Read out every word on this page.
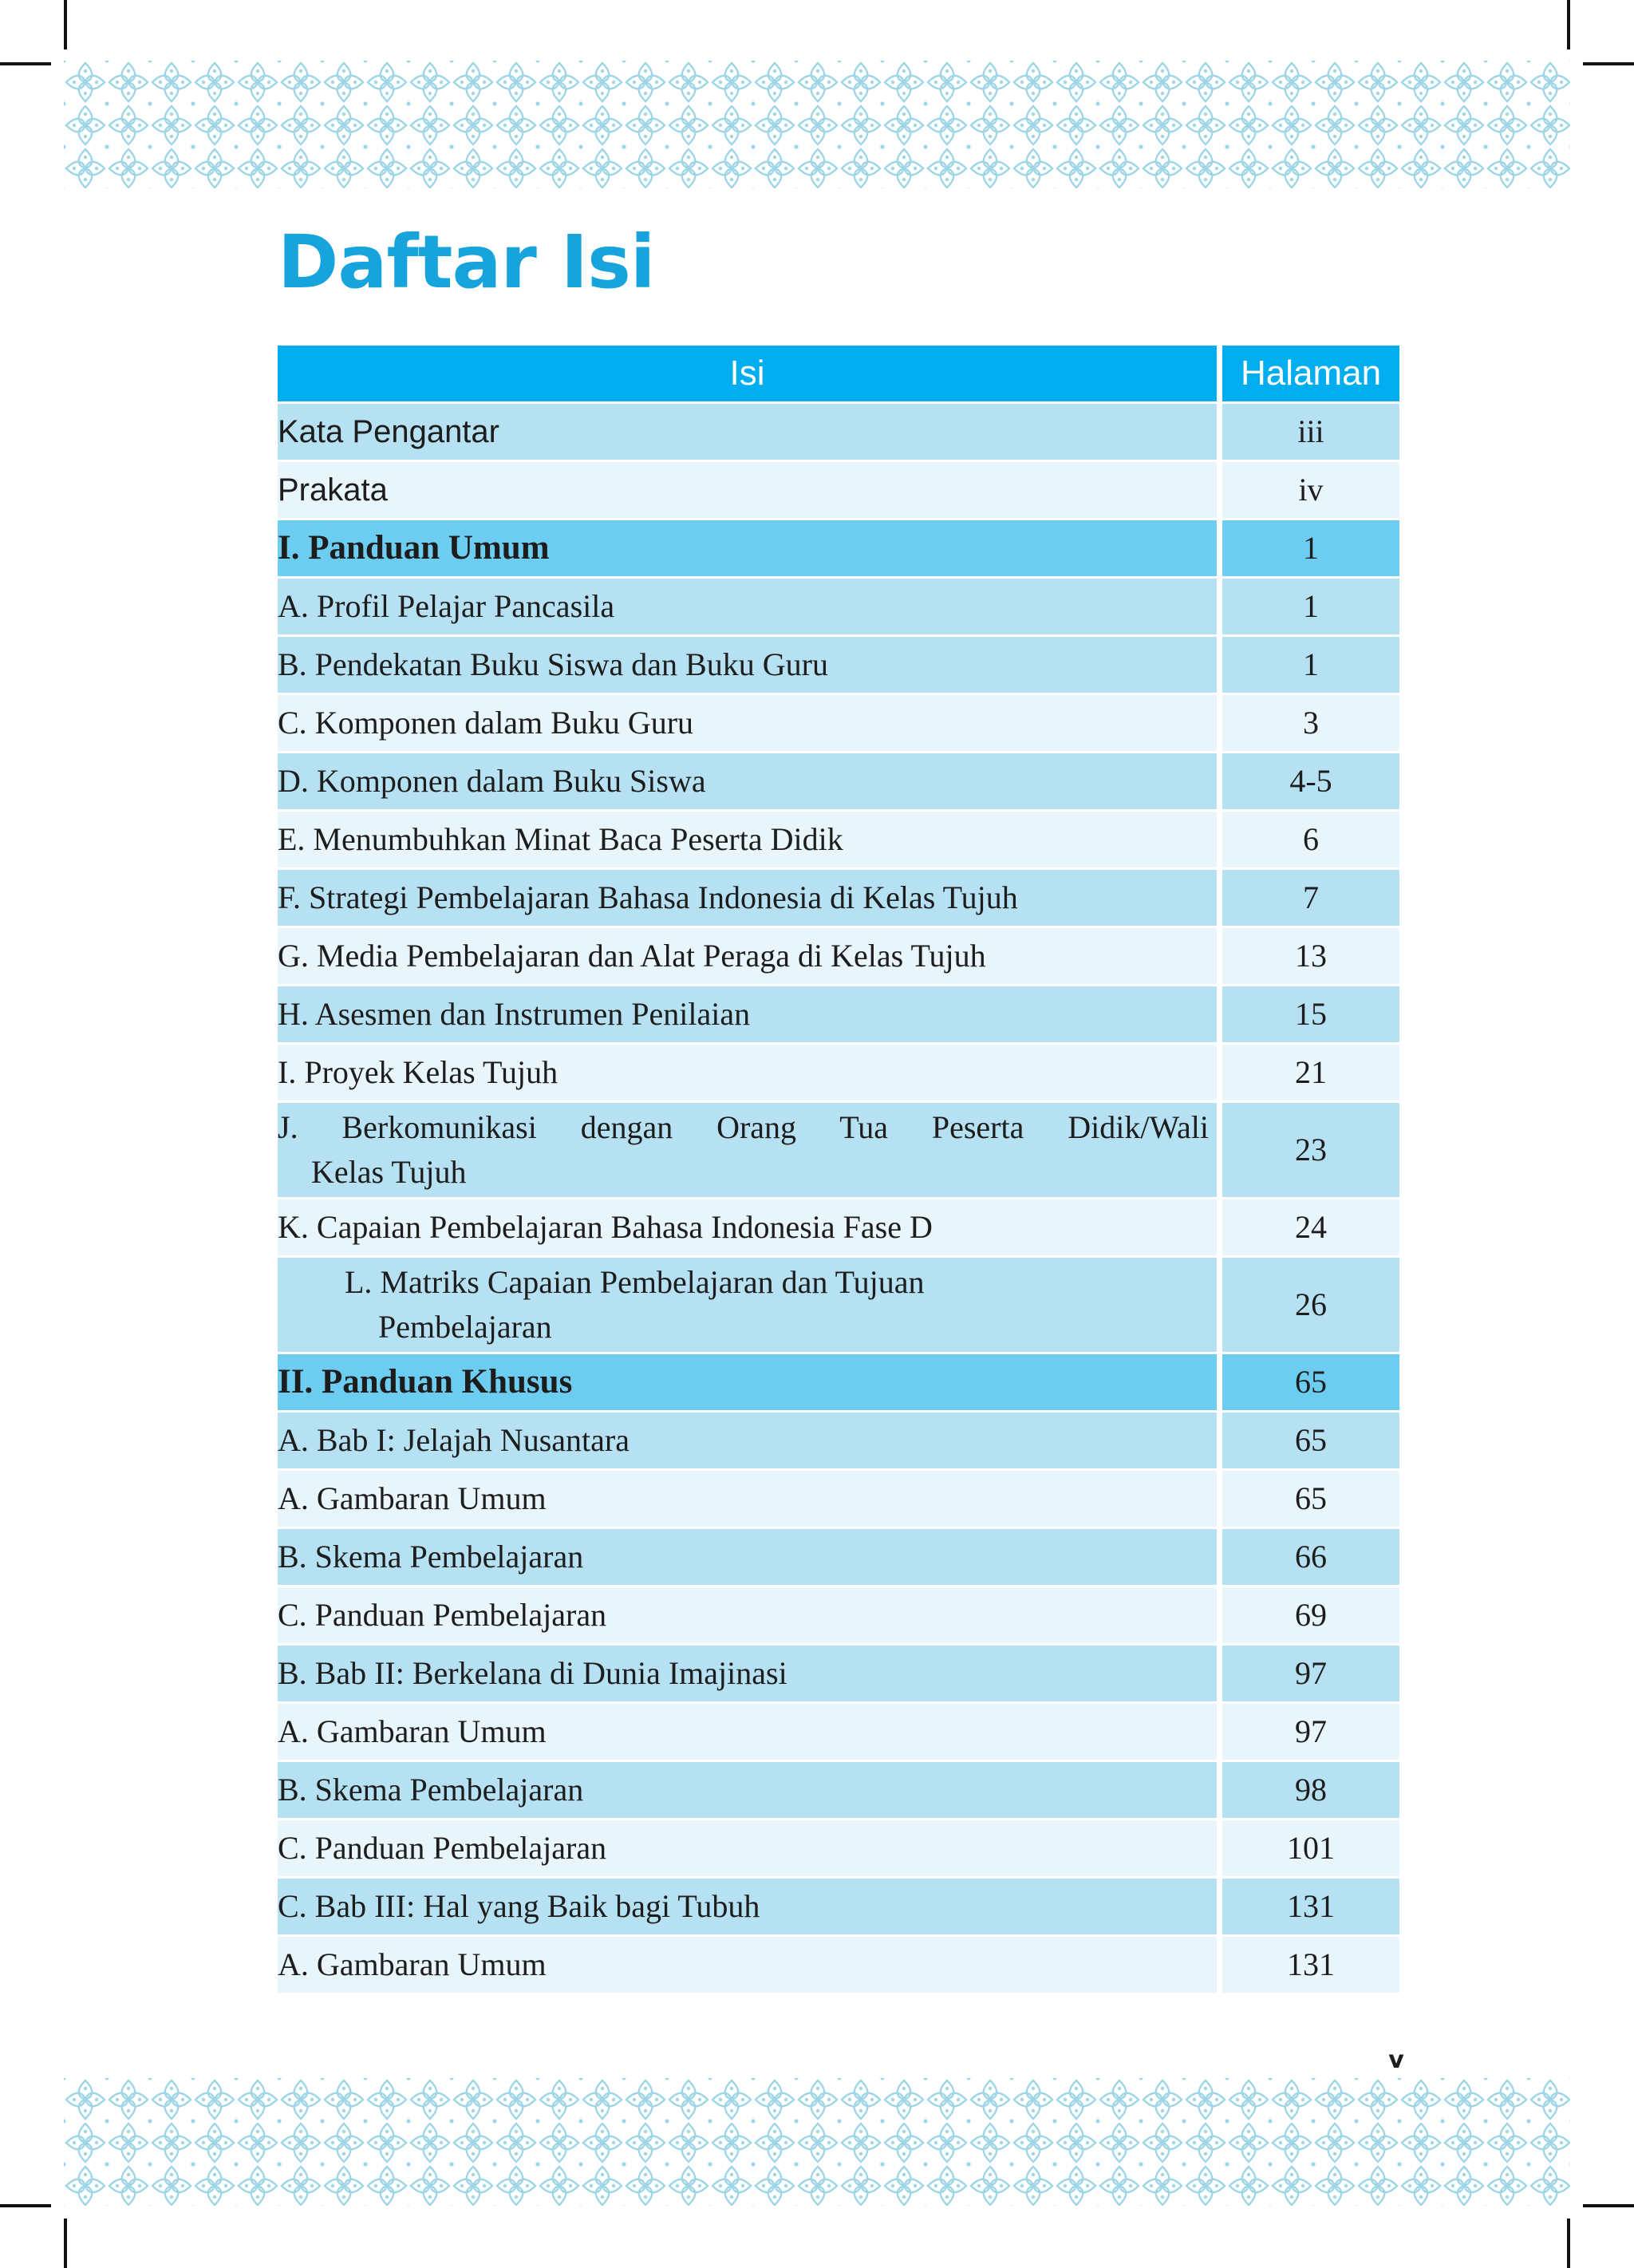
Daftar Isi
Isi	Halaman
Kata Pengantar	iii
Prakata	iv
I. Panduan Umum	1
A. Profil Pelajar Pancasila	1
B. Pendekatan Buku Siswa dan Buku Guru	1
C. Komponen dalam Buku Guru	3
D. Komponen dalam Buku Siswa	4-5
E. Menumbuhkan Minat Baca Peserta Didik	6
F. Strategi Pembelajaran Bahasa Indonesia di Kelas Tujuh	7
G. Media Pembelajaran dan Alat Peraga di Kelas Tujuh	13
H. Asesmen dan Instrumen Penilaian	15
I. Proyek Kelas Tujuh	21

J. Berkomunikasi dengan Orang Tua Peserta Didik/Wali
Kelas Tujuh	23
K. Capaian Pembelajaran Bahasa Indonesia Fase D	24

L. Matriks Capaian Pembelajaran dan Tujuan
Pembelajaran	26
II. Panduan Khusus	65
A. Bab I: Jelajah Nusantara	65
A. Gambaran Umum	65
B. Skema Pembelajaran	66
C. Panduan Pembelajaran	69
B. Bab II: Berkelana di Dunia Imajinasi	97
A. Gambaran Umum	97
B. Skema Pembelajaran	98
C. Panduan Pembelajaran	101
C. Bab III: Hal yang Baik bagi Tubuh	131
A. Gambaran Umum	131
v
